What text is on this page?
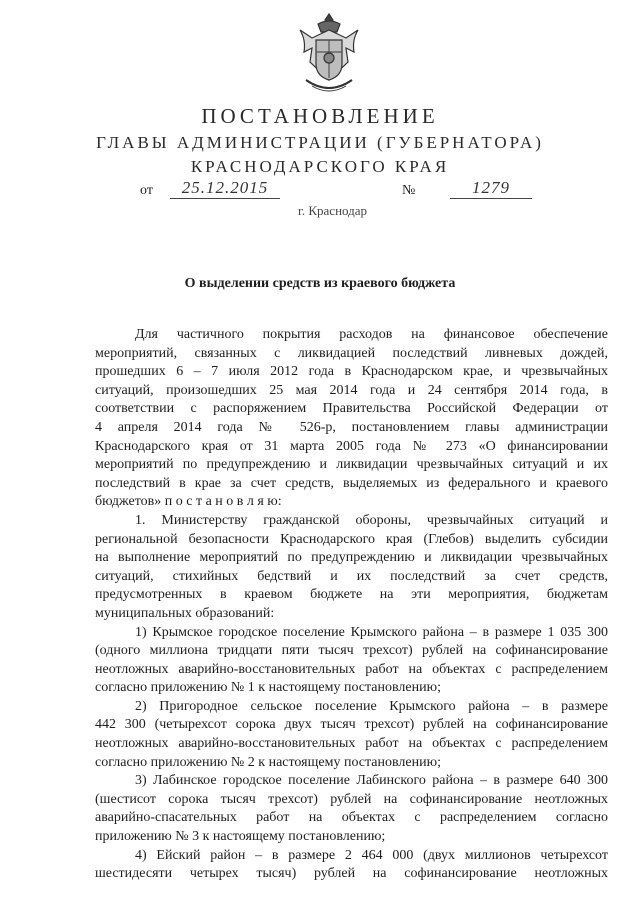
ПОСТАНОВЛЕНИЕ
ГЛАВЫ АДМИНИСТРАЦИИ (ГУБЕРНАТОРА)
КРАСНОДАРСКОГО КРАЯ
от	25.12.2015	№	1279
г. Краснодар
О выделении средств из краевого бюджета
Для частичного покрытия расходов на финансовое обеспечение
мероприятий, связанных с ликвидацией последствий ливневых дождей,
прошедших 6 – 7 июля 2012 года в Краснодарском крае, и чрезвычайных
ситуаций, произошедших 25 мая 2014 года и 24 сентября 2014 года, в
соответствии с распоряжением Правительства Российской Федерации от
4 апреля 2014 года № 526-р, постановлением главы администрации
Краснодарского края от 31 марта 2005 года № 273 «О финансировании
мероприятий по предупреждению и ликвидации чрезвычайных ситуаций и их
последствий в крае за счет средств, выделяемых из федерального и краевого
бюджетов» п о с т а н о в л я ю:
1. Министерству гражданской обороны, чрезвычайных ситуаций и
региональной безопасности Краснодарского края (Глебов) выделить субсидии
на выполнение мероприятий по предупреждению и ликвидации чрезвычайных
ситуаций, стихийных бедствий и их последствий за счет средств,
предусмотренных в краевом бюджете на эти мероприятия, бюджетам
муниципальных образований:
1) Крымское городское поселение Крымского района – в размере 1 035 300
(одного миллиона тридцати пяти тысяч трехсот) рублей на софинансирование
неотложных аварийно-восстановительных работ на объектах с распределением
согласно приложению № 1 к настоящему постановлению;
2) Пригородное сельское поселение Крымского района – в размере
442 300 (четырехсот сорока двух тысяч трехсот) рублей на софинансирование
неотложных аварийно-восстановительных работ на объектах с распределением
согласно приложению № 2 к настоящему постановлению;
3) Лабинское городское поселение Лабинского района – в размере 640 300
(шестисот сорока тысяч трехсот) рублей на софинансирование неотложных
аварийно-спасательных работ на объектах с распределением согласно
приложению № 3 к настоящему постановлению;
4) Ейский район – в размере 2 464 000 (двух миллионов четырехсот
шестидесяти четырех тысяч) рублей на софинансирование неотложных
